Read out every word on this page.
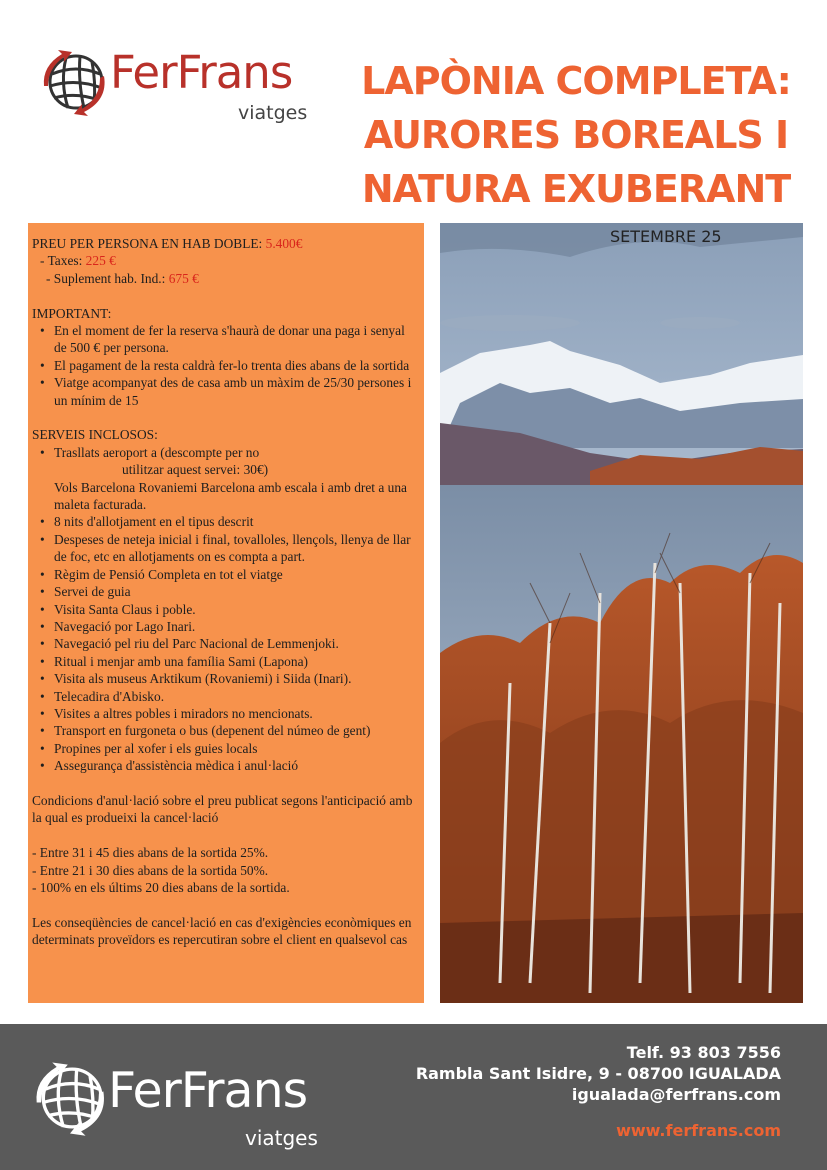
FerFrans
viatges
LAPÒNIA COMPLETA:
AURORES BOREALS I
NATURA EXUBERANT

PREU PER PERSONA EN HAB DOBLE: 5.400€

- Taxes: 225 €

- Suplement hab. Ind.: 675 €

IMPORTANT:

• En el moment de fer la reserva s'haurà de donar una paga i senyal de 500 € per persona.
• El pagament de la resta caldrà fer-lo trenta dies abans de la sortida
• Viatge acompanyat des de casa amb un màxim de 25/30 persones i un mínim de 15

SERVEIS INCLOSOS:

• Trasllats aeroport a (descompte per no
utilitzar aquest servei: 30€)
Vols Barcelona Rovaniemi Barcelona amb escala i amb dret a una maleta facturada.
• 8 nits d'allotjament en el tipus descrit
• Despeses de neteja inicial i final, tovalloles, llençols, llenya de llar de foc, etc en allotjaments on es compta a part.
• Règim de Pensió Completa en tot el viatge
• Servei de guia
• Visita Santa Claus i poble.
• Navegació por Lago Inari.
• Navegació pel riu del Parc Nacional de Lemmenjoki.
• Ritual i menjar amb una família Sami (Lapona)
• Visita als museus Arktikum (Rovaniemi) i Siida (Inari).
• Telecadira d'Abisko.
• Visites a altres pobles i miradors no mencionats.
• Transport en furgoneta o bus (depenent del númeo de gent)
• Propines per al xofer i els guies locals
• Assegurança d'assistència mèdica i anul·lació

Condicions d'anul·lació sobre el preu publicat segons l'anticipació amb la qual es produeixi la cancel·lació

- Entre 31 i 45 dies abans de la sortida 25%.

- Entre 21 i 30 dies abans de la sortida 50%.

- 100% en els últims 20 dies abans de la sortida.

Les conseqüències de cancel·lació en cas d'exigències econòmiques en determinats proveïdors es repercutiran sobre el client en qualsevol cas

SETEMBRE 25
FerFrans
viatges
Telf. 93 803 7556
Rambla Sant Isidre, 9 - 08700 IGUALADA
igualada@ferfrans.com
www.ferfrans.com
